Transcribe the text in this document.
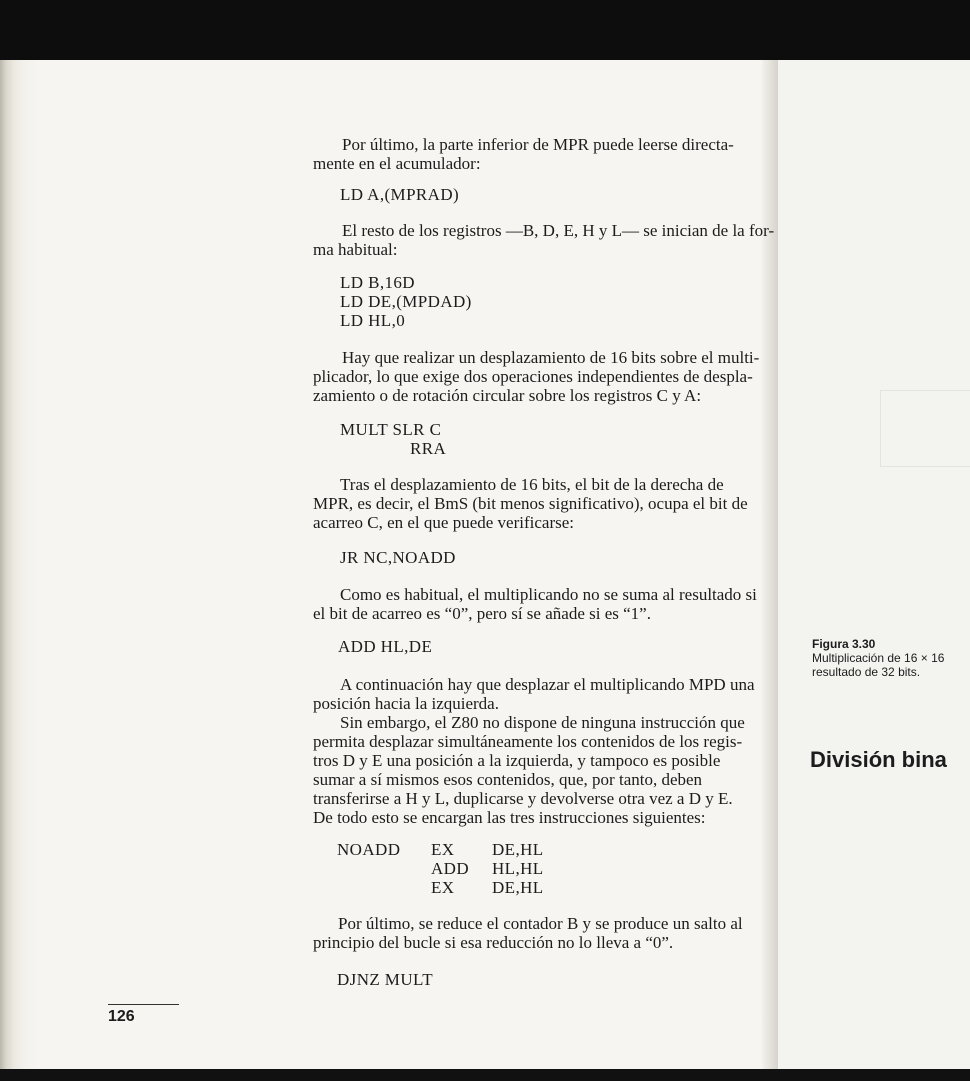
Por último, la parte inferior de MPR puede leerse directa-
mente en el acumulador:
LD A,(MPRAD)
El resto de los registros —B, D, E, H y L— se inician de la for-
ma habitual:
LD B,16D
LD DE,(MPDAD)
LD HL,0
Hay que realizar un desplazamiento de 16 bits sobre el multi-
plicador, lo que exige dos operaciones independientes de despla-
zamiento o de rotación circular sobre los registros C y A:
MULT SLR C
RRA
Tras el desplazamiento de 16 bits, el bit de la derecha de
MPR, es decir, el BmS (bit menos significativo), ocupa el bit de
acarreo C, en el que puede verificarse:
JR NC,NOADD
Como es habitual, el multiplicando no se suma al resultado si
el bit de acarreo es “0”, pero sí se añade si es “1”.
ADD HL,DE
A continuación hay que desplazar el multiplicando MPD una
posición hacia la izquierda.
Sin embargo, el Z80 no dispone de ninguna instrucción que
permita desplazar simultáneamente los contenidos de los regis-
tros D y E una posición a la izquierda, y tampoco es posible
sumar a sí mismos esos contenidos, que, por tanto, deben
transferirse a H y L, duplicarse y devolverse otra vez a D y E.
De todo esto se encargan las tres instrucciones siguientes:
NOADD EX DE,HL
ADD HL,HL
EX DE,HL
Por último, se reduce el contador B y se produce un salto al
principio del bucle si esa reducción no lo lleva a “0”.
DJNZ MULT
126
Figura 3.30
Multiplicación de 16 × 16
resultado de 32 bits.
División bina
